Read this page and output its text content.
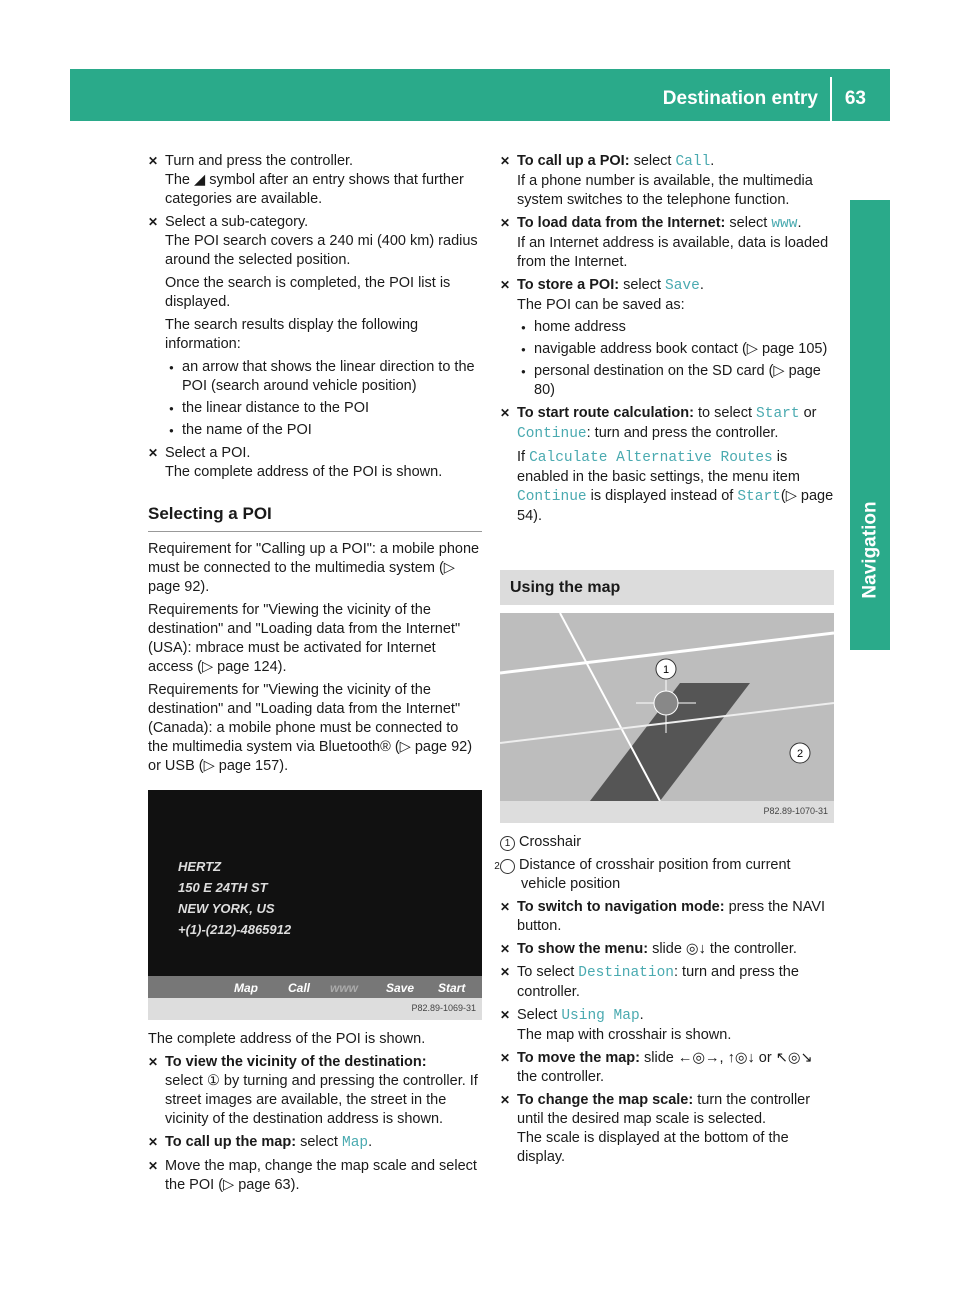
Destination entry 63
Navigation
✕ Turn and press the controller.
The ◢ symbol after an entry shows that further categories are available.
✕ Select a sub-category.
The POI search covers a 240 mi (400 km) radius around the selected position.
Once the search is completed, the POI list is displayed.
The search results display the following information:
● an arrow that shows the linear direction to the POI (search around vehicle position)
● the linear distance to the POI
● the name of the POI
✕ Select a POI.
The complete address of the POI is shown.
Selecting a POI
Requirement for "Calling up a POI": a mobile phone must be connected to the multimedia system (▷ page 92).
Requirements for "Viewing the vicinity of the destination" and "Loading data from the Internet" (USA): mbrace must be activated for Internet access (▷ page 124).
Requirements for "Viewing the vicinity of the destination" and "Loading data from the Internet" (Canada): a mobile phone must be connected to the multimedia system via Bluetooth® (▷ page 92) or USB (▷ page 157).
HERTZ
150 E 24TH ST
NEW YORK, US
+(1)-(212)-4865912
Map	Call www Save Start
P82.89-1069-31
The complete address of the POI is shown.
✕ To view the vicinity of the destination:
select ① by turning and pressing the controller. If street images are available, the street in the vicinity of the destination address is shown.
✕ To call up the map: select Map.
✕ Move the map, change the map scale and select the POI (▷ page 63).
✕ To call up a POI: select Call.
If a phone number is available, the multimedia system switches to the telephone function.
✕ To load data from the Internet: select www.
If an Internet address is available, data is loaded from the Internet.
✕ To store a POI: select Save.
The POI can be saved as:
● home address
● navigable address book contact (▷ page 105)
● personal destination on the SD card (▷ page 80)
✕ To start route calculation: to select Start or Continue: turn and press the controller.
If Calculate Alternative Routes is enabled in the basic settings, the menu item Continue is displayed instead of Start(▷ page 54).
Using the map
1
2
P82.89-1070-31
1 Crosshair
2 Distance of crosshair position from current vehicle position
✕ To switch to navigation mode: press the NAVI button.
✕ To show the menu: slide ◎↓ the controller.
✕ To select Destination: turn and press the controller.
✕ Select Using Map.
The map with crosshair is shown.
✕ To move the map: slide ←◎→, ↑◎↓ or ↖◎↘ the controller.
✕ To change the map scale: turn the controller until the desired map scale is selected.
The scale is displayed at the bottom of the display.
